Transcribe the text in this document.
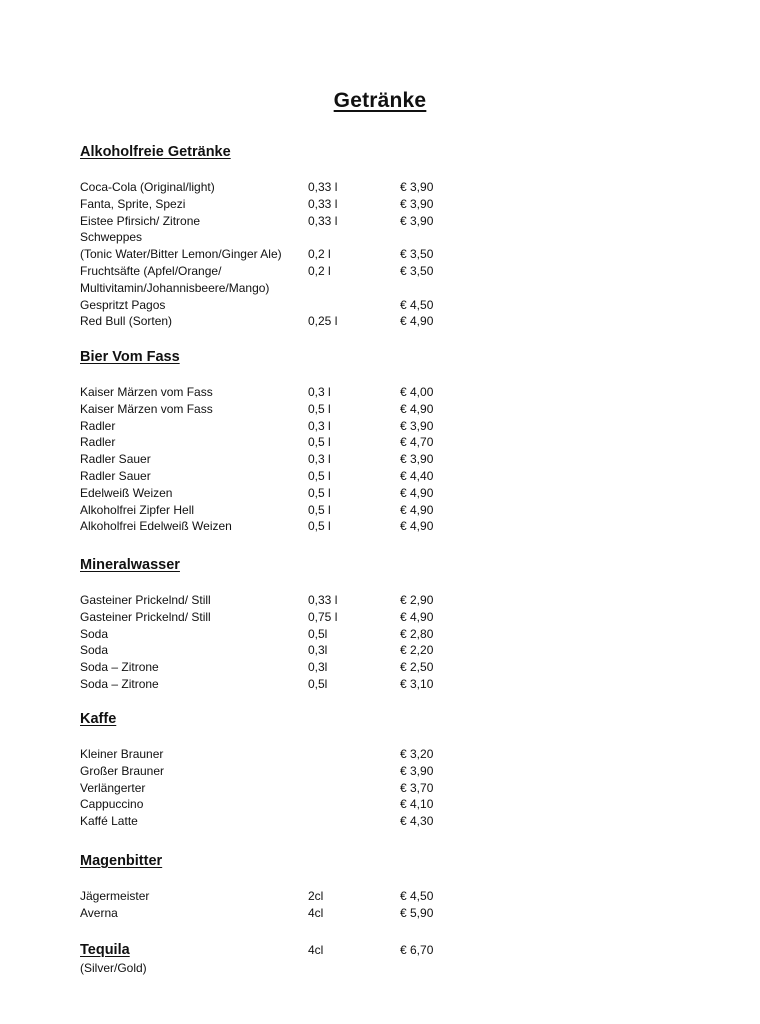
Getränke
Alkoholfreie Getränke
Coca-Cola (Original/light)	0,33 l	€ 3,90
Fanta, Sprite, Spezi	0,33 l	€ 3,90
Eistee Pfirsich/ Zitrone	0,33 l	€ 3,90
Schweppes
(Tonic Water/Bitter Lemon/Ginger Ale)	0,2 l	€ 3,50
Fruchtsäfte (Apfel/Orange/	0,2 l	€ 3,50
Multivitamin/Johannisbeere/Mango)
Gespritzt Pagos	€ 4,50
Red Bull (Sorten)	0,25 l	€ 4,90
Bier Vom Fass
Kaiser Märzen vom Fass	0,3 l	€ 4,00
Kaiser Märzen vom Fass	0,5 l	€ 4,90
Radler	0,3 l	€ 3,90
Radler	0,5 l	€ 4,70
Radler Sauer	0,3 l	€ 3,90
Radler Sauer	0,5 l	€ 4,40
Edelweiß Weizen	0,5 l	€ 4,90
Alkoholfrei Zipfer Hell	0,5 l	€ 4,90
Alkoholfrei Edelweiß Weizen	0,5 l	€ 4,90
Mineralwasser
Gasteiner Prickelnd/ Still	0,33 l	€ 2,90
Gasteiner Prickelnd/ Still	0,75 l	€ 4,90
Soda	0,5l	€ 2,80
Soda	0,3l	€ 2,20
Soda – Zitrone	0,3l	€ 2,50
Soda – Zitrone	0,5l	€ 3,10
Kaffe
Kleiner Brauner	€ 3,20
Großer Brauner	€ 3,90
Verlängerter	€ 3,70
Cappuccino	€ 4,10
Kaffé Latte	€ 4,30
Magenbitter
Jägermeister	2cl	€ 4,50
Averna	4cl	€ 5,90
Tequila	4cl	€ 6,70
(Silver/Gold)
